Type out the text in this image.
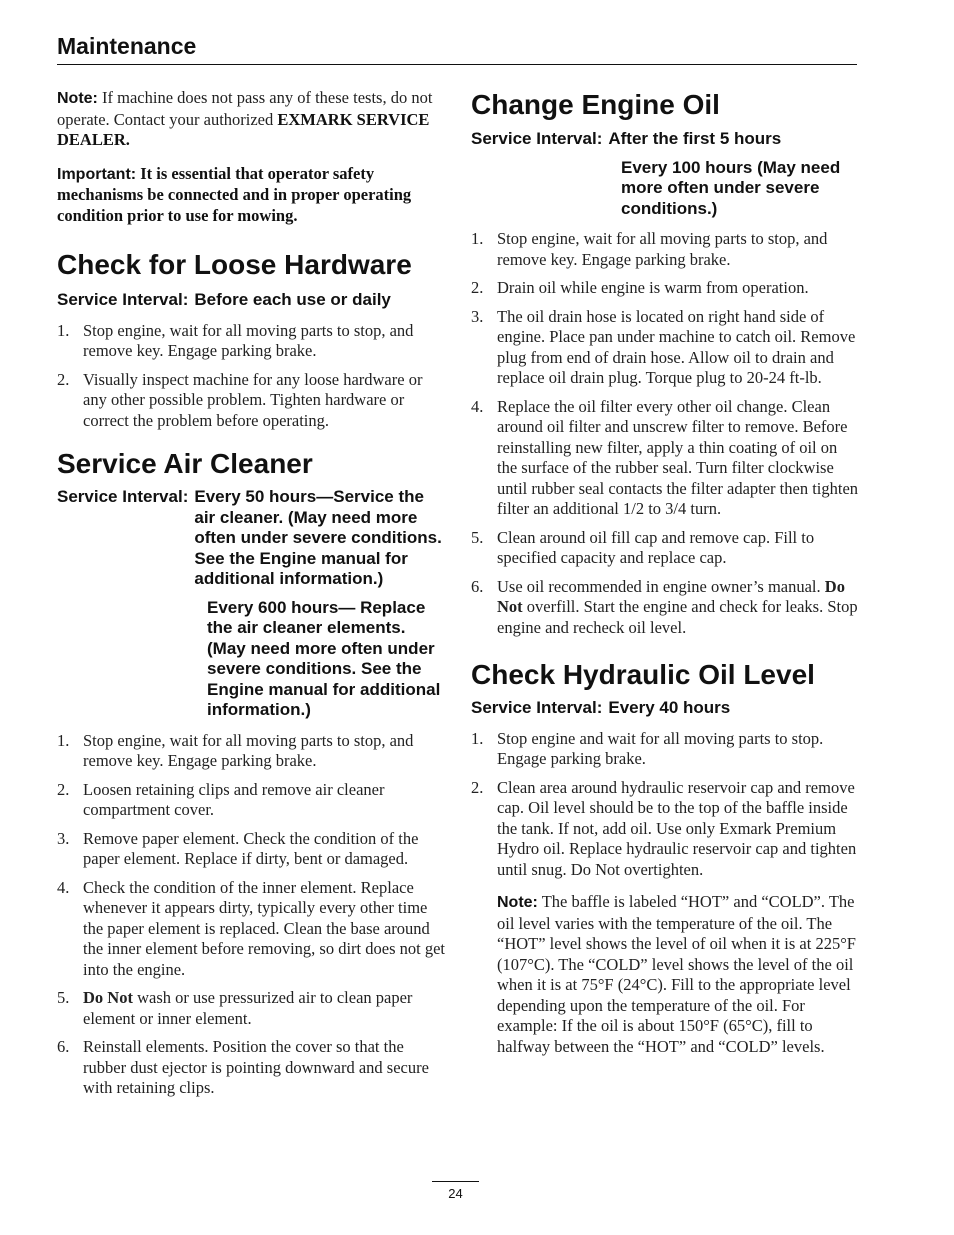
Maintenance

Note: If machine does not pass any of these tests, do not operate. Contact your authorized EXMARK SERVICE DEALER.

Important: It is essential that operator safety mechanisms be connected and in proper operating condition prior to use for mowing.

Check for Loose Hardware
Service Interval: Before each use or daily
1. Stop engine, wait for all moving parts to stop, and remove key. Engage parking brake.
2. Visually inspect machine for any loose hardware or any other possible problem. Tighten hardware or correct the problem before operating.
Service Air Cleaner
Service Interval: Every 50 hours—Service the air cleaner. (May need more often under severe conditions. See the Engine manual for additional information.)

Every 600 hours— Replace the air cleaner elements. (May need more often under severe conditions. See the Engine manual for additional information.)

1. Stop engine, wait for all moving parts to stop, and remove key. Engage parking brake.
2. Loosen retaining clips and remove air cleaner compartment cover.
3. Remove paper element. Check the condition of the paper element. Replace if dirty, bent or damaged.
4. Check the condition of the inner element. Replace whenever it appears dirty, typically every other time the paper element is replaced. Clean the base around the inner element before removing, so dirt does not get into the engine.
5. Do Not wash or use pressurized air to clean paper element or inner element.
6. Reinstall elements. Position the cover so that the rubber dust ejector is pointing downward and secure with retaining clips.
Change Engine Oil
Service Interval: After the first 5 hours

Every 100 hours (May need more often under severe conditions.)

1. Stop engine, wait for all moving parts to stop, and remove key. Engage parking brake.
2. Drain oil while engine is warm from operation.
3. The oil drain hose is located on right hand side of engine. Place pan under machine to catch oil. Remove plug from end of drain hose. Allow oil to drain and replace oil drain plug. Torque plug to 20-24 ft-lb.
4. Replace the oil filter every other oil change. Clean around oil filter and unscrew filter to remove. Before reinstalling new filter, apply a thin coating of oil on the surface of the rubber seal. Turn filter clockwise until rubber seal contacts the filter adapter then tighten filter an additional 1/2 to 3/4 turn.
5. Clean around oil fill cap and remove cap. Fill to specified capacity and replace cap.
6. Use oil recommended in engine owner’s manual. Do Not overfill. Start the engine and check for leaks. Stop engine and recheck oil level.
Check Hydraulic Oil Level
Service Interval: Every 40 hours
1. Stop engine and wait for all moving parts to stop. Engage parking brake.
2. Clean area around hydraulic reservoir cap and remove cap. Oil level should be to the top of the baffle inside the tank. If not, add oil. Use only Exmark Premium Hydro oil. Replace hydraulic reservoir cap and tighten until snug. Do Not overtighten.

Note: The baffle is labeled “HOT” and “COLD”. The oil level varies with the temperature of the oil. The “HOT” level shows the level of oil when it is at 225°F (107°C). The “COLD” level shows the level of the oil when it is at 75°F (24°C). Fill to the appropriate level depending upon the temperature of the oil. For example: If the oil is about 150°F (65°C), fill to halfway between the “HOT” and “COLD” levels.

24
